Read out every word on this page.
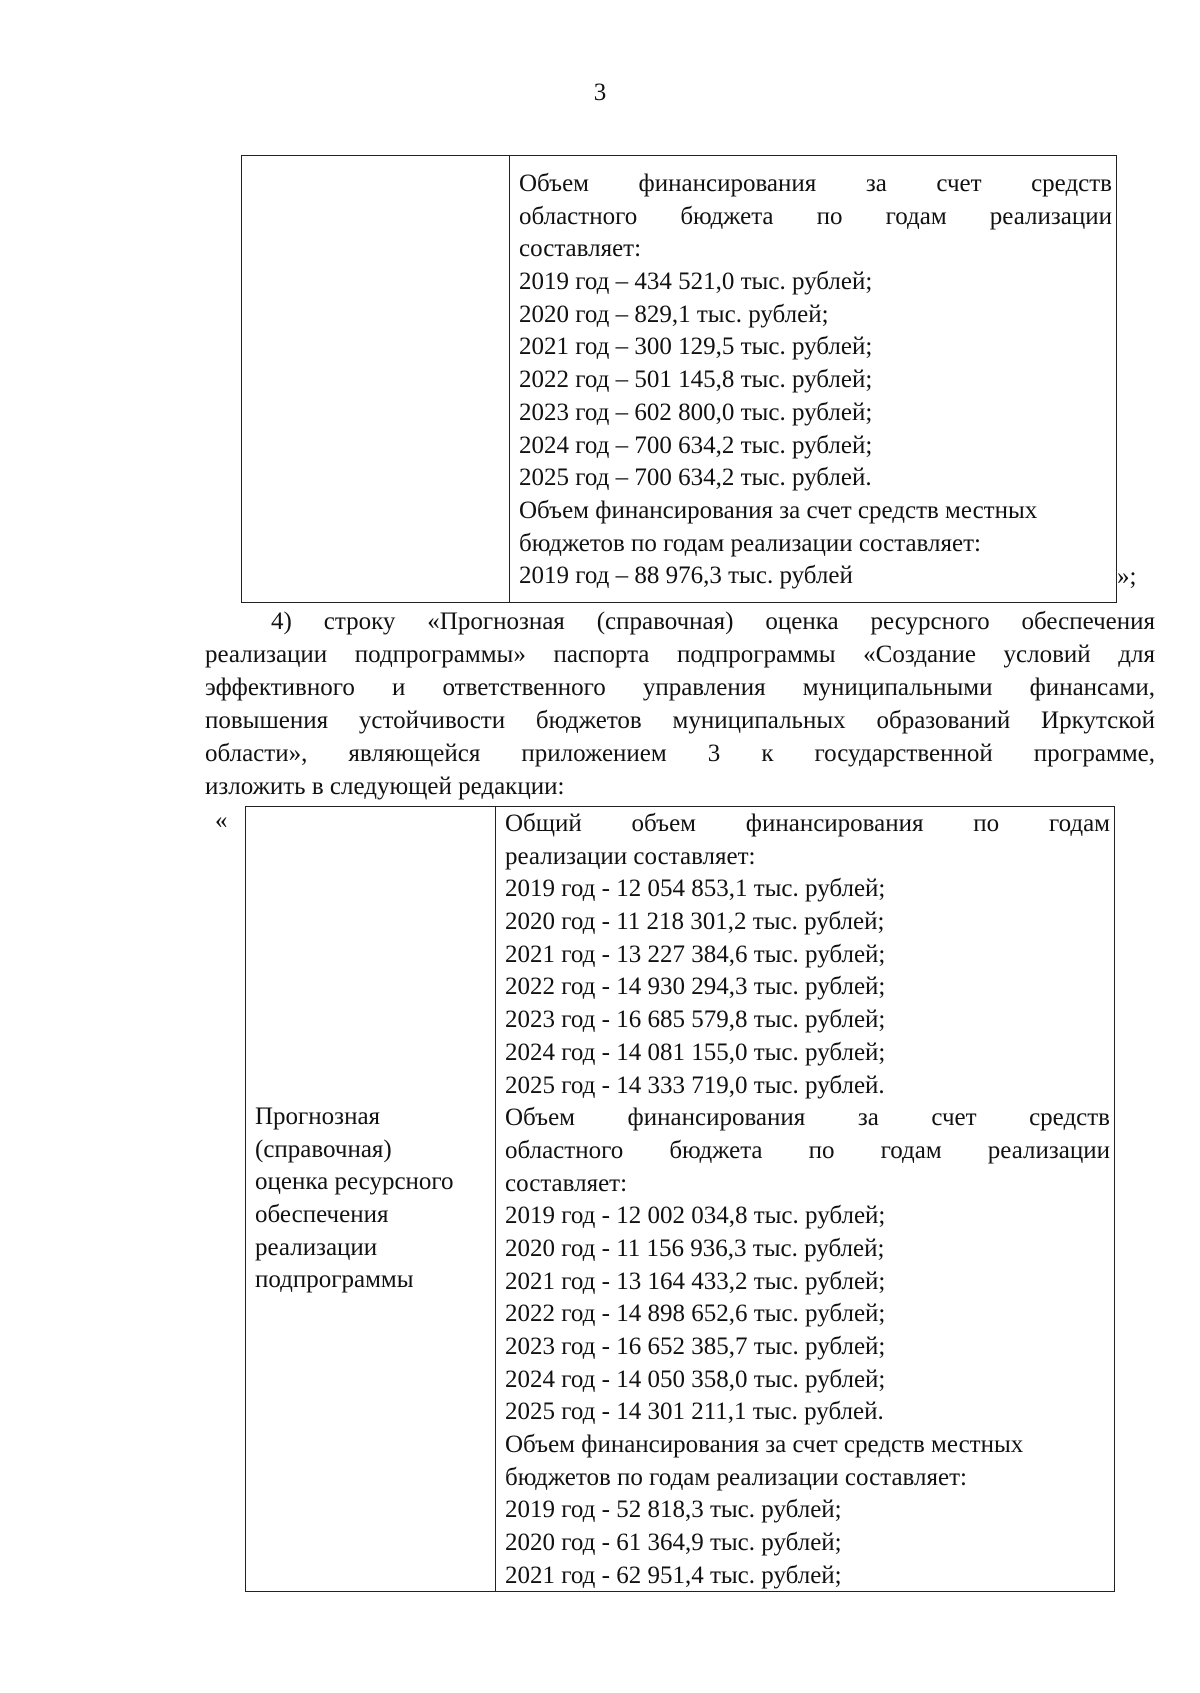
3
Объем финансирования за счет средств
областного бюджета по годам реализации
составляет:
2019 год – 434 521,0 тыс. рублей;
2020 год – 829,1 тыс. рублей;
2021 год – 300 129,5 тыс. рублей;
2022 год – 501 145,8 тыс. рублей;
2023 год – 602 800,0 тыс. рублей;
2024 год – 700 634,2 тыс. рублей;
2025 год – 700 634,2 тыс. рублей.
Объем финансирования за счет средств местных
бюджетов по годам реализации составляет:
2019 год – 88 976,3 тыс. рублей	»;
4) строку «Прогнозная (справочная) оценка ресурсного обеспечения
реализации подпрограммы» паспорта подпрограммы «Создание условий для
эффективного и ответственного управления муниципальными финансами,
повышения устойчивости бюджетов муниципальных образований Иркутской
области», являющейся приложением 3 к государственной программе,
изложить в следующей редакции:
«
Прогнозная
(справочная)
оценка ресурсного
обеспечения
реализации
подпрограммы
Общий объем финансирования по годам
реализации составляет:
2019 год - 12 054 853,1 тыс. рублей;
2020 год - 11 218 301,2 тыс. рублей;
2021 год - 13 227 384,6 тыс. рублей;
2022 год - 14 930 294,3 тыс. рублей;
2023 год - 16 685 579,8 тыс. рублей;
2024 год - 14 081 155,0 тыс. рублей;
2025 год - 14 333 719,0 тыс. рублей.
Объем финансирования за счет средств
областного бюджета по годам реализации
составляет:
2019 год - 12 002 034,8 тыс. рублей;
2020 год - 11 156 936,3 тыс. рублей;
2021 год - 13 164 433,2 тыс. рублей;
2022 год - 14 898 652,6 тыс. рублей;
2023 год - 16 652 385,7 тыс. рублей;
2024 год - 14 050 358,0 тыс. рублей;
2025 год - 14 301 211,1 тыс. рублей.
Объем финансирования за счет средств местных
бюджетов по годам реализации составляет:
2019 год - 52 818,3 тыс. рублей;
2020 год - 61 364,9 тыс. рублей;
2021 год - 62 951,4 тыс. рублей;
